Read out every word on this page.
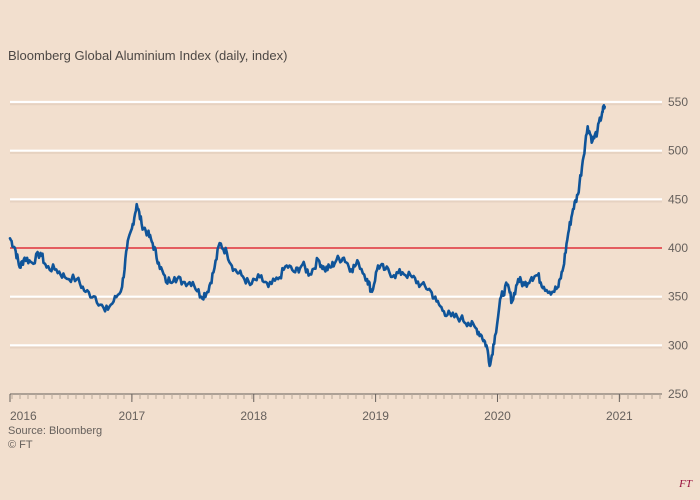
Bloomberg Global Aluminium Index (daily, index)
250
300
350
400
450
500
550
2016	2017	2018	2019	2020	2021
Source: Bloomberg
© FT
FT
